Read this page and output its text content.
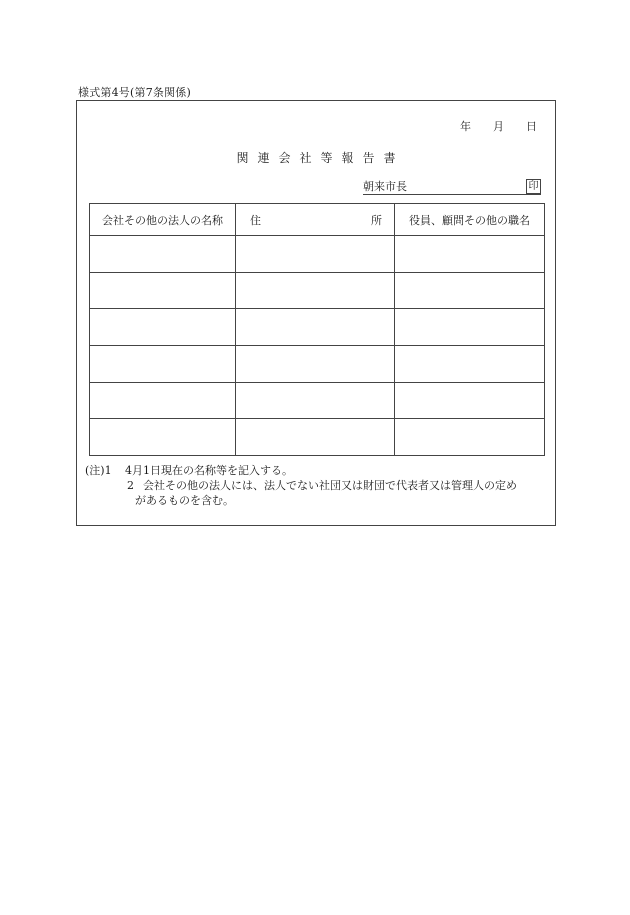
様式第4号(第7条関係)
年 月 日
関連会社等報告書
朝来市長	印
会社その他の法人の名称	住 所	役員、顧問その他の職名

(注)1	4月1日現在の名称等を記入する。
2 会社その他の法人には、法人でない社団又は財団で代表者又は管理人の定め
があるものを含む。
